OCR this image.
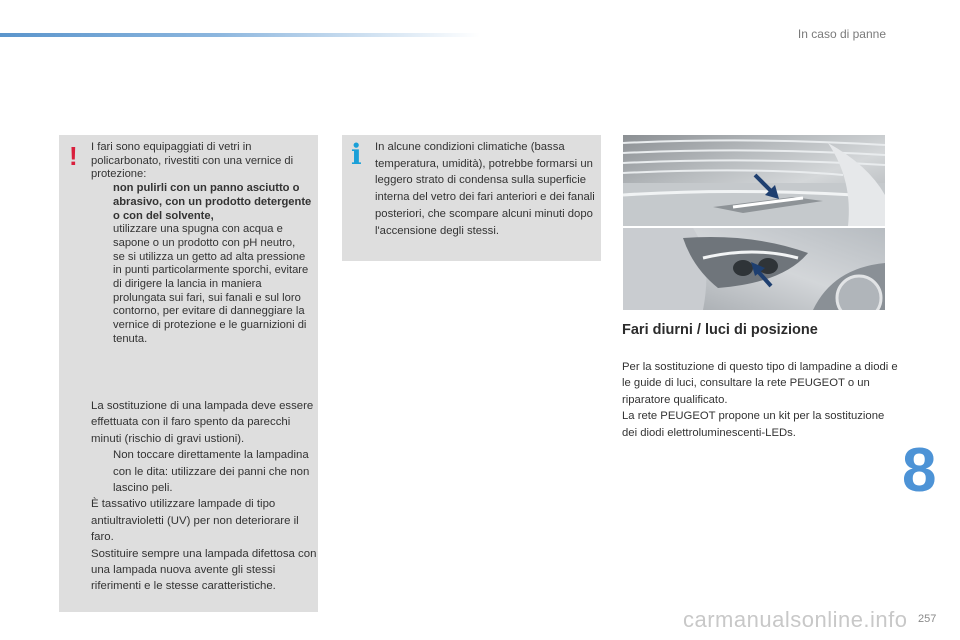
In caso di panne
! I fari sono equipaggiati di vetri in policarbonato, rivestiti con una vernice di protezione:

non pulirli con un panno asciutto o abrasivo, con un prodotto detergente o con del solvente,

utilizzare una spugna con acqua e sapone o un prodotto con pH neutro,

se si utilizza un getto ad alta pressione in punti particolarmente sporchi, evitare di dirigere la lancia in maniera prolungata sui fari, sui fanali e sul loro contorno, per evitare di danneggiare la vernice di protezione e le guarnizioni di tenuta.

La sostituzione di una lampada deve essere effettuata con il faro spento da parecchi minuti (rischio di gravi ustioni).

Non toccare direttamente la lampadina con le dita: utilizzare dei panni che non lascino peli.

È tassativo utilizzare lampade di tipo antiultravioletti (UV) per non deteriorare il faro.

Sostituire sempre una lampada difettosa con una lampada nuova avente gli stessi riferimenti e le stesse caratteristiche.

i In alcune condizioni climatiche (bassa temperatura, umidità), potrebbe formarsi un leggero strato di condensa sulla superficie interna del vetro dei fari anteriori e dei fanali posteriori, che scompare alcuni minuti dopo l'accensione degli stessi.
Fari diurni / luci di posizione
Per la sostituzione di questo tipo di lampadine a diodi e le guide di luci, consultare la rete PEUGEOT o un riparatore qualificato.
La rete PEUGEOT propone un kit per la sostituzione dei diodi elettroluminescenti-LEDs.
8
carmanualsonline.info 257
